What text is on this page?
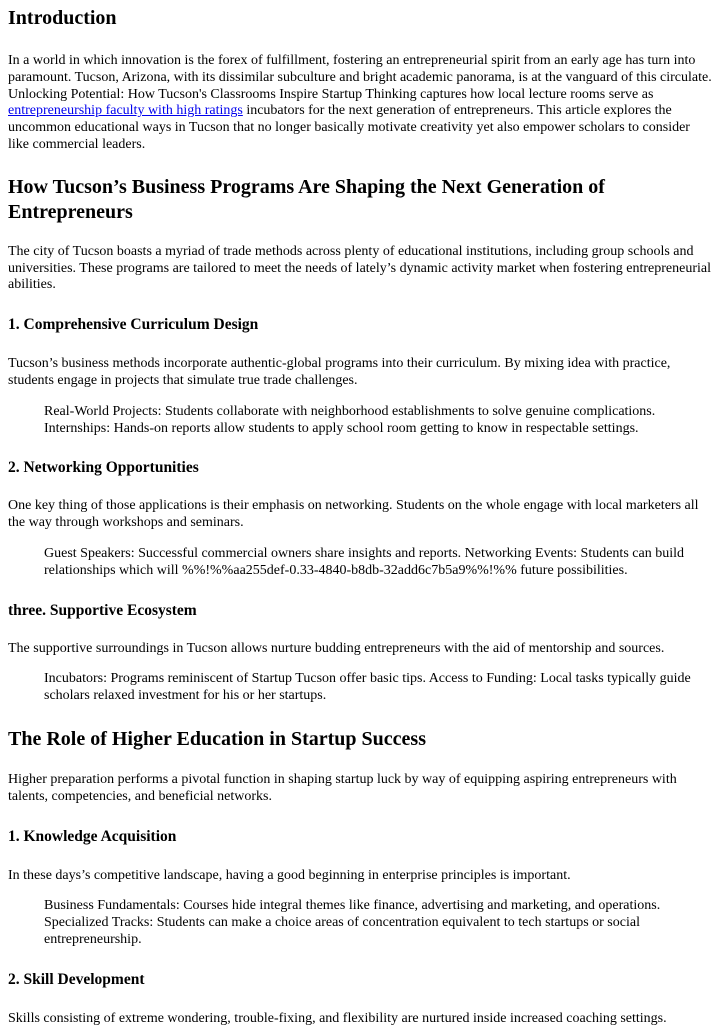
Introduction

In a world in which innovation is the forex of fulfillment, fostering an entrepreneurial spirit from an early age has turn into paramount. Tucson, Arizona, with its dissimilar subculture and bright academic panorama, is at the vanguard of this circulate. Unlocking Potential: How Tucson's Classrooms Inspire Startup Thinking captures how local lecture rooms serve as entrepreneurship faculty with high ratings incubators for the next generation of entrepreneurs. This article explores the uncommon educational ways in Tucson that no longer basically motivate creativity yet also empower scholars to consider like commercial leaders.

How Tucson’s Business Programs Are Shaping the Next Generation of Entrepreneurs

The city of Tucson boasts a myriad of trade methods across plenty of educational institutions, including group schools and universities. These programs are tailored to meet the needs of lately’s dynamic activity market when fostering entrepreneurial abilities.

1. Comprehensive Curriculum Design

Tucson’s business methods incorporate authentic-global programs into their curriculum. By mixing idea with practice, students engage in projects that simulate true trade challenges.

Real-World Projects: Students collaborate with neighborhood establishments to solve genuine complications. Internships: Hands-on reports allow students to apply school room getting to know in respectable settings.
2. Networking Opportunities

One key thing of those applications is their emphasis on networking. Students on the whole engage with local marketers all the way through workshops and seminars.

Guest Speakers: Successful commercial owners share insights and reports. Networking Events: Students can build relationships which will %%!%%aa255def-0.33-4840-b8db-32add6c7b5a9%%!%% future possibilities.
three. Supportive Ecosystem

The supportive surroundings in Tucson allows nurture budding entrepreneurs with the aid of mentorship and sources.

Incubators: Programs reminiscent of Startup Tucson offer basic tips. Access to Funding: Local tasks typically guide scholars relaxed investment for his or her startups.
The Role of Higher Education in Startup Success

Higher preparation performs a pivotal function in shaping startup luck by way of equipping aspiring entrepreneurs with talents, competencies, and beneficial networks.

1. Knowledge Acquisition

In these days’s competitive landscape, having a good beginning in enterprise principles is important.

Business Fundamentals: Courses hide integral themes like finance, advertising and marketing, and operations. Specialized Tracks: Students can make a choice areas of concentration equivalent to tech startups or social entrepreneurship.
2. Skill Development

Skills consisting of extreme wondering, trouble-fixing, and flexibility are nurtured inside increased coaching settings.
